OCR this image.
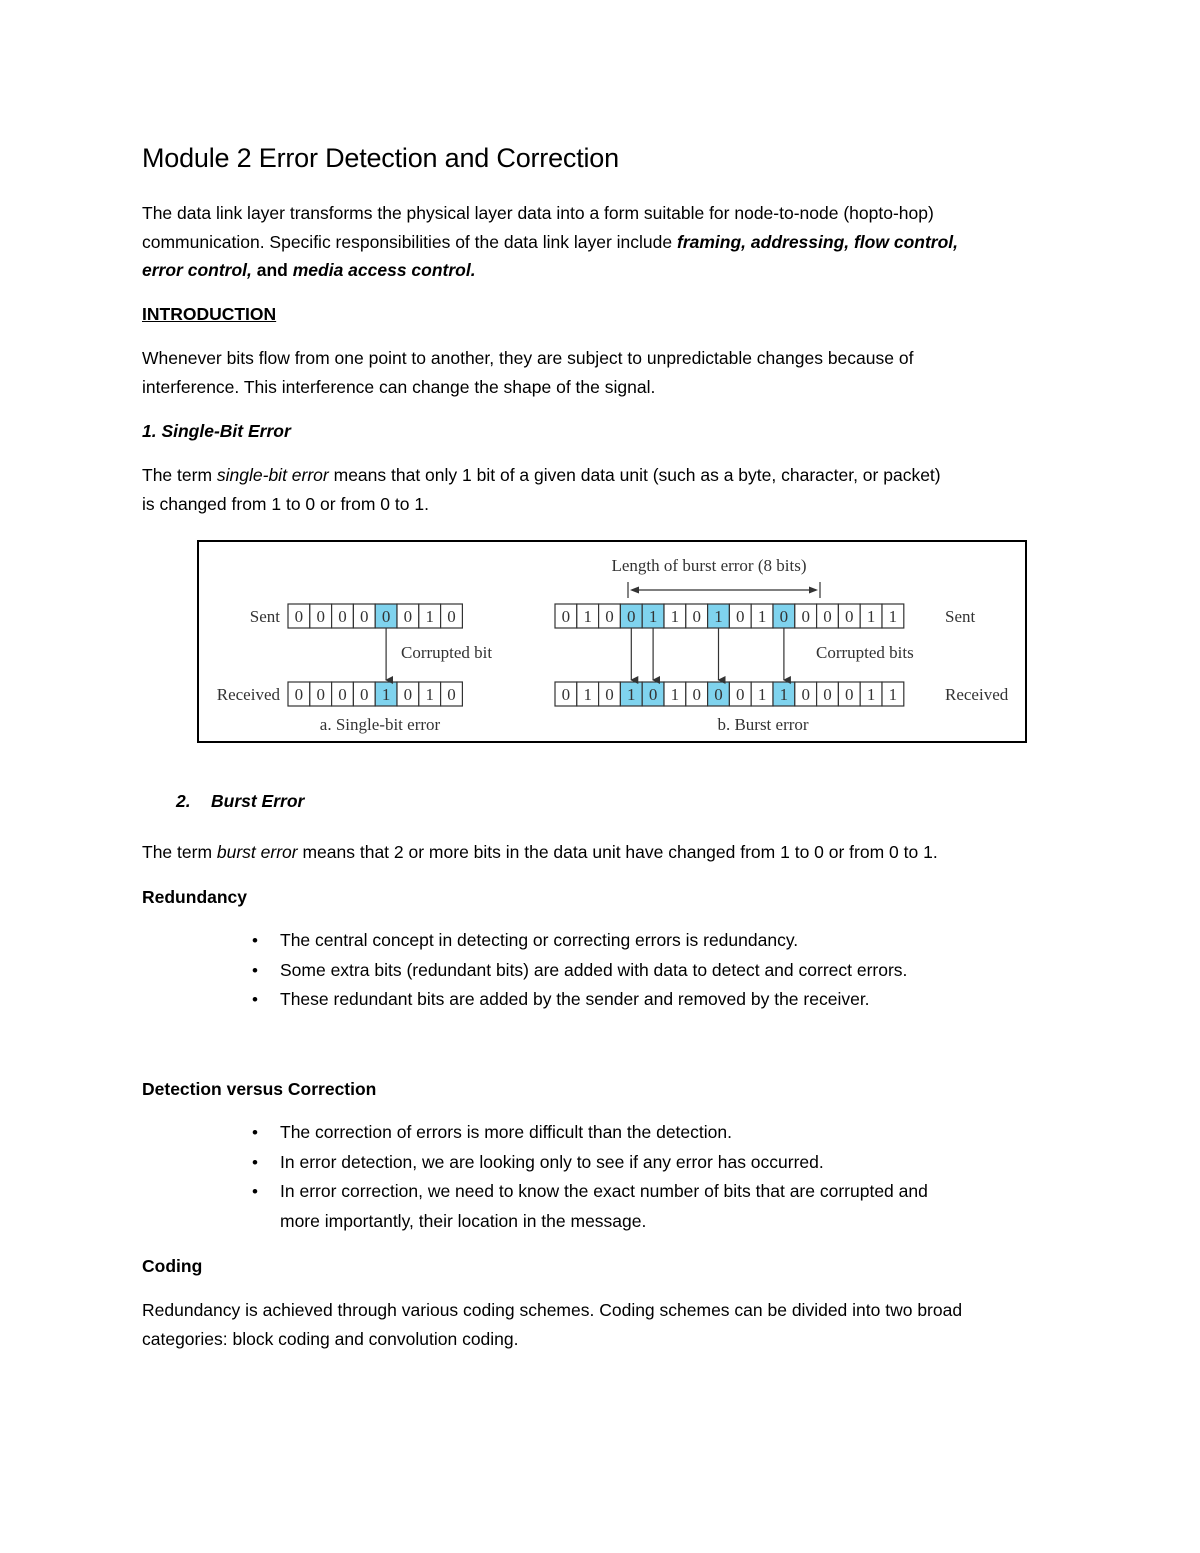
Module 2 Error Detection and Correction

The data link layer transforms the physical layer data into a form suitable for node-to-node (hopto-hop)

communication. Specific responsibilities of the data link layer include framing, addressing, flow control,

error control, and media access control.

INTRODUCTION

Whenever bits flow from one point to another, they are subject to unpredictable changes because of

interference. This interference can change the shape of the signal.

1. Single-Bit Error

The term single-bit error means that only 1 bit of a given data unit (such as a byte, character, or packet)

is changed from 1 to 0 or from 0 to 1.

2. Burst Error

The term burst error means that 2 or more bits in the data unit have changed from 1 to 0 or from 0 to 1.

Redundancy

• The central concept in detecting or correcting errors is redundancy.
• Some extra bits (redundant bits) are added with data to detect and correct errors.
• These redundant bits are added by the sender and removed by the receiver.

Detection versus Correction

• The correction of errors is more difficult than the detection.
• In error detection, we are looking only to see if any error has occurred.
• In error correction, we need to know the exact number of bits that are corrupted and more importantly, their location in the message.

Coding

Redundancy is achieved through various coding schemes. Coding schemes can be divided into two broad

categories: block coding and convolution coding.

Sent
Received
Corrupted bit
a. Single-bit error
Length of burst error (8 bits)
Sent
Received
Corrupted bits
b. Burst error
0 0 0 0 0 0 1 0
0 0 0 0 1 0 1 0
0 1 0 0 1 1 0 1 0 1 0 0 0 0 1 1
0 1 0 1 0 1 0 0 0 1 1 0 0 0 1 1
